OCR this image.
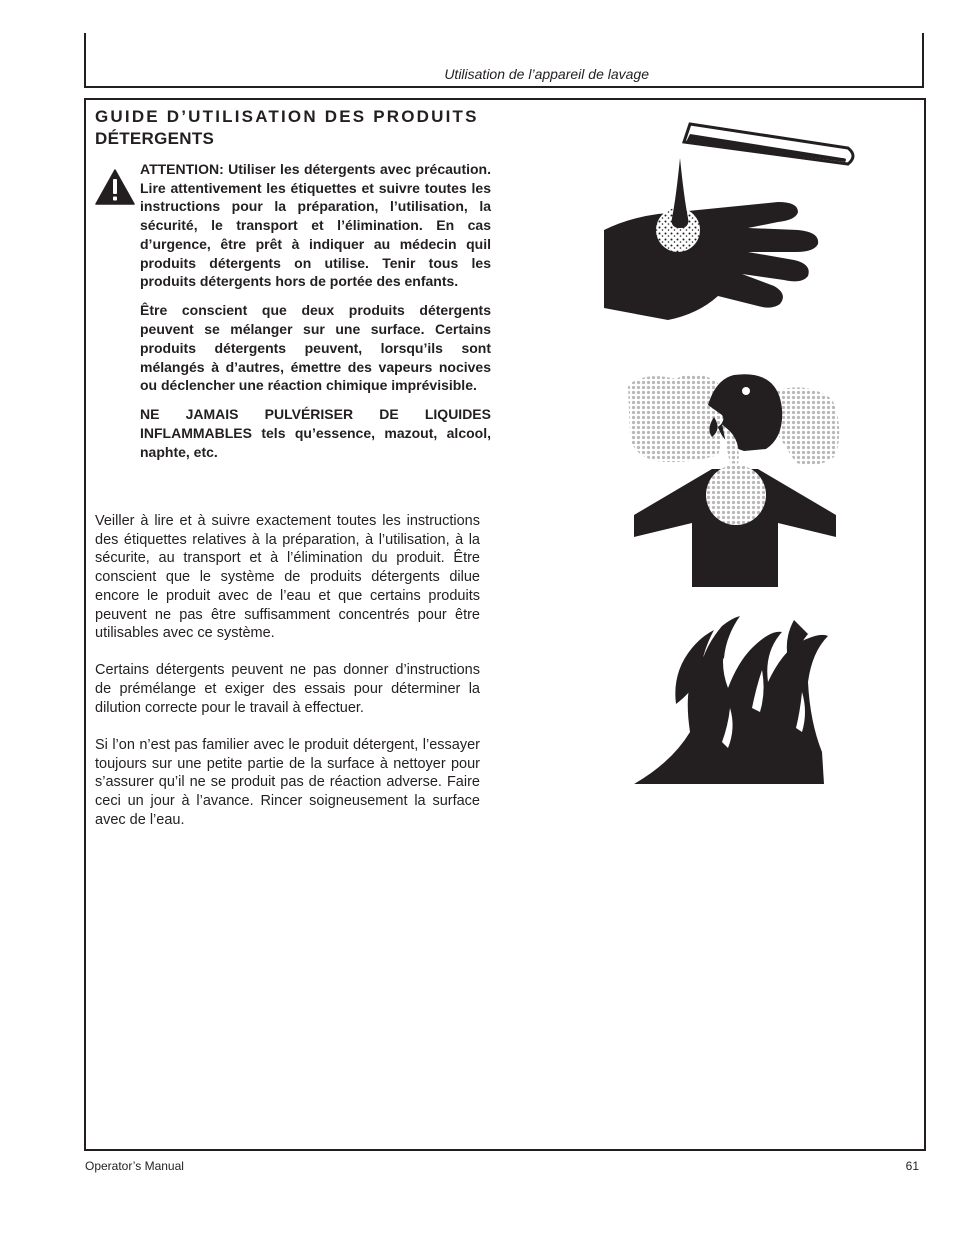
Utilisation de l’appareil de lavage
GUIDE D’UTILISATION DES PRODUITS
DÉTERGENTS

ATTENTION: Utiliser les détergents avec précaution. Lire attentivement les étiquettes et suivre toutes les instructions pour la préparation, l’utilisation, la sécurité, le transport et l’élimination. En cas d’urgence, être prêt à indiquer au médecin quil produits détergents on utilise. Tenir tous les produits détergents hors de portée des enfants.

Être conscient que deux produits détergents peuvent se mélanger sur une surface. Certains produits détergents peuvent, lorsqu’ils sont mélangés à d’autres, émettre des vapeurs nocives ou déclencher une réaction chimique imprévisible.

NE JAMAIS PULVÉRISER DE LIQUIDES INFLAMMABLES tels qu’essence, mazout, alcool, naphte, etc.

Veiller à lire et à suivre exactement toutes les instructions des étiquettes relatives à la préparation, à l’utilisation, à la sécurite, au transport et à l’élimination du produit. Être conscient que le système de produits détergents dilue encore le produit avec de l’eau et que certains produits peuvent ne pas être suffisamment concentrés pour être utilisables avec ce système.

Certains détergents peuvent ne pas donner d’instructions de prémélange et exiger des essais pour déterminer la dilution correcte pour le travail à effectuer.

Si l’on n’est pas familier avec le produit détergent, l’essayer toujours sur une petite partie de la surface à nettoyer pour s’assurer qu’il ne se produit pas de réaction adverse. Faire ceci un jour à l’avance. Rincer soigneusement la surface avec de l’eau.

Operator’s Manual	61
